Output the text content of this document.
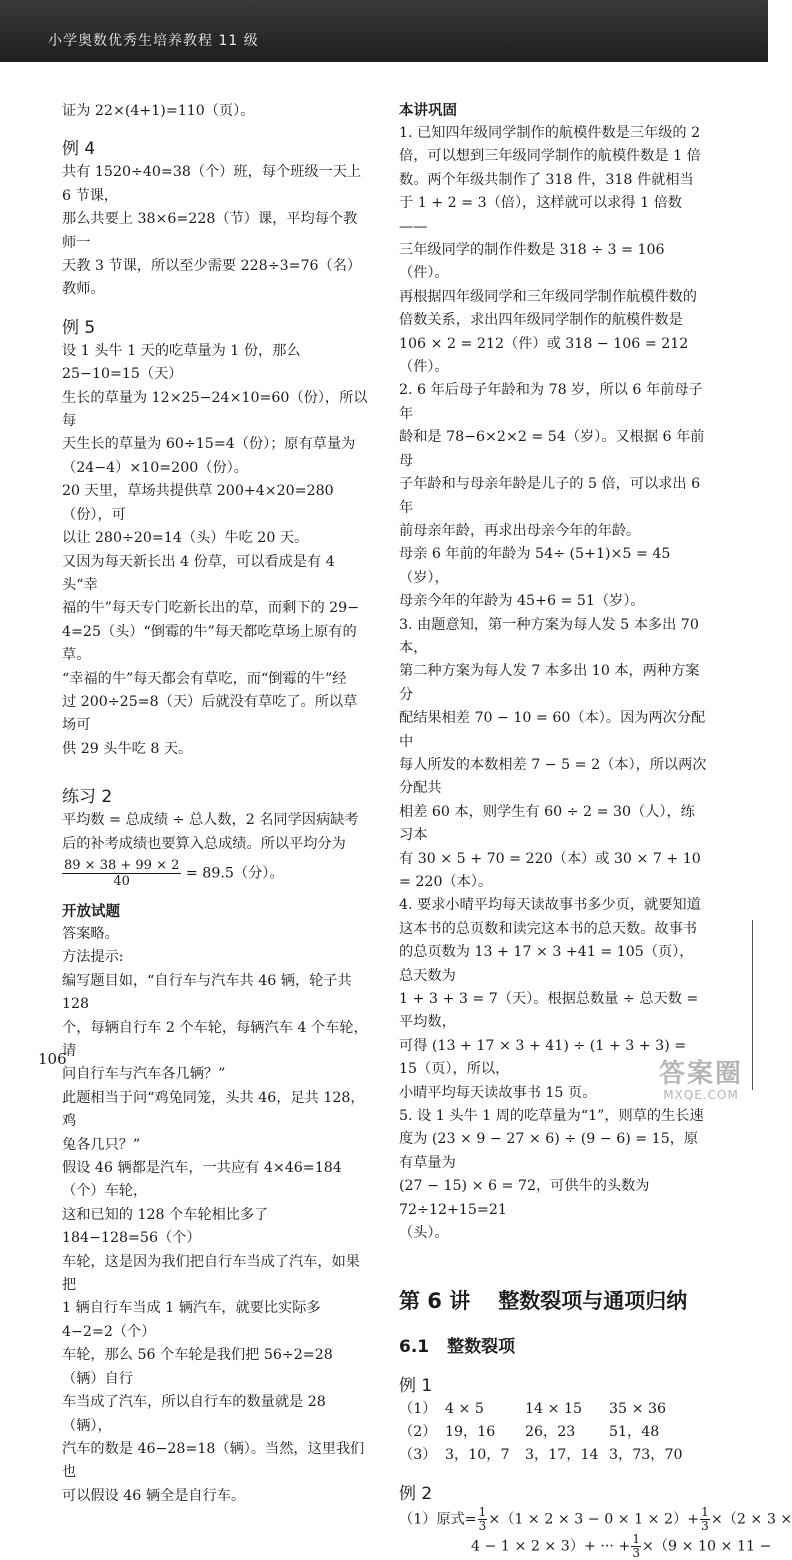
小学奥数优秀生培养教程 11 级

证为 22×(4+1)=110（页）。

例 4

共有 1520÷40=38（个）班，每个班级一天上 6 节课，

那么共要上 38×6=228（节）课，平均每个教师一

天教 3 节课，所以至少需要 228÷3=76（名）教师。

例 5

设 1 头牛 1 天的吃草量为 1 份，那么 25−10=15（天）

生长的草量为 12×25−24×10=60（份），所以每

天生长的草量为 60÷15=4（份）；原有草量为

（24−4）×10=200（份）。

20 天里，草场共提供草 200+4×20=280（份），可

以让 280÷20=14（头）牛吃 20 天。

又因为每天新长出 4 份草，可以看成是有 4 头“幸

福的牛”每天专门吃新长出的草，而剩下的 29−

4=25（头）“倒霉的牛”每天都吃草场上原有的草。

“幸福的牛”每天都会有草吃，而“倒霉的牛”经

过 200÷25=8（天）后就没有草吃了。所以草场可

供 29 头牛吃 8 天。

练习 2

平均数 = 总成绩 ÷ 总人数，2 名同学因病缺考

后的补考成绩也要算入总成绩。所以平均分为

$\frac{89 \times 38 + 99 \times 2}{40} = 89.5$（分）。
开放试题

答案略。

方法提示:

编写题目如，“自行车与汽车共 46 辆，轮子共 128

个，每辆自行车 2 个车轮，每辆汽车 4 个车轮，请

问自行车与汽车各几辆？”

此题相当于问“鸡兔同笼，头共 46，足共 128，鸡

兔各几只？”

假设 46 辆都是汽车，一共应有 4×46=184（个）车轮，

这和已知的 128 个车轮相比多了 184−128=56（个）

车轮，这是因为我们把自行车当成了汽车，如果把

1 辆自行车当成 1 辆汽车，就要比实际多 4−2=2（个）

车轮，那么 56 个车轮是我们把 56÷2=28（辆）自行

车当成了汽车，所以自行车的数量就是 28（辆），

汽车的数是 46−28=18（辆）。当然，这里我们也

可以假设 46 辆全是自行车。

本讲巩固

1. 已知四年级同学制作的航模件数是三年级的 2

倍，可以想到三年级同学制作的航模件数是 1 倍

数。两个年级共制作了 318 件，318 件就相当

于 1 + 2 = 3（倍），这样就可以求得 1 倍数——

三年级同学的制作件数是 318 ÷ 3 = 106（件）。

再根据四年级同学和三年级同学制作航模件数的

倍数关系，求出四年级同学制作的航模件数是

106 × 2 = 212（件）或 318 − 106 = 212（件）。

2. 6 年后母子年龄和为 78 岁，所以 6 年前母子年

龄和是 78−6×2×2 = 54（岁）。又根据 6 年前母

子年龄和与母亲年龄是儿子的 5 倍，可以求出 6 年

前母亲年龄，再求出母亲今年的年龄。

母亲 6 年前的年龄为 54÷ (5+1)×5 = 45（岁），

母亲今年的年龄为 45+6 = 51（岁）。

3. 由题意知，第一种方案为每人发 5 本多出 70 本，

第二种方案为每人发 7 本多出 10 本，两种方案分

配结果相差 70 − 10 = 60（本）。因为两次分配中

每人所发的本数相差 7 − 5 = 2（本），所以两次分配共

相差 60 本，则学生有 60 ÷ 2 = 30（人），练习本

有 30 × 5 + 70 = 220（本）或 30 × 7 + 10 = 220（本）。

4. 要求小晴平均每天读故事书多少页，就要知道

这本书的总页数和读完这本书的总天数。故事书

的总页数为 13 + 17 × 3 +41 = 105（页），总天数为

1 + 3 + 3 = 7（天）。根据总数量 ÷ 总天数 = 平均数，

可得 (13 + 17 × 3 + 41) ÷ (1 + 3 + 3) = 15（页），所以，

小晴平均每天读故事书 15 页。

5. 设 1 头牛 1 周的吃草量为“1”，则草的生长速

度为 (23 × 9 − 27 × 6) ÷ (9 − 6) = 15，原有草量为

(27 − 15) × 6 = 72，可供牛的头数为 72÷12+15=21

（头）。

第 6 讲 整数裂项与通项归纳
6.1 整数裂项
例 1
（1） 4 × 5	14 × 15 35 × 36
（2） 19，16 26，23 51，48
（3） 3，10，7 3，17，14 3，73，70
例 2
（1）原式= $\frac{1}{3} \times(1 \times 2 \times 3 - 0 \times 1 \times 2)+ \frac{1}{3} \times(2 \times 3$ ×
4 − 1 × 2 × 3）+ ··· + $\frac{1}{3} \times(9 \times 10 \times 11$ −
106	答案圈
MXQE.COM
